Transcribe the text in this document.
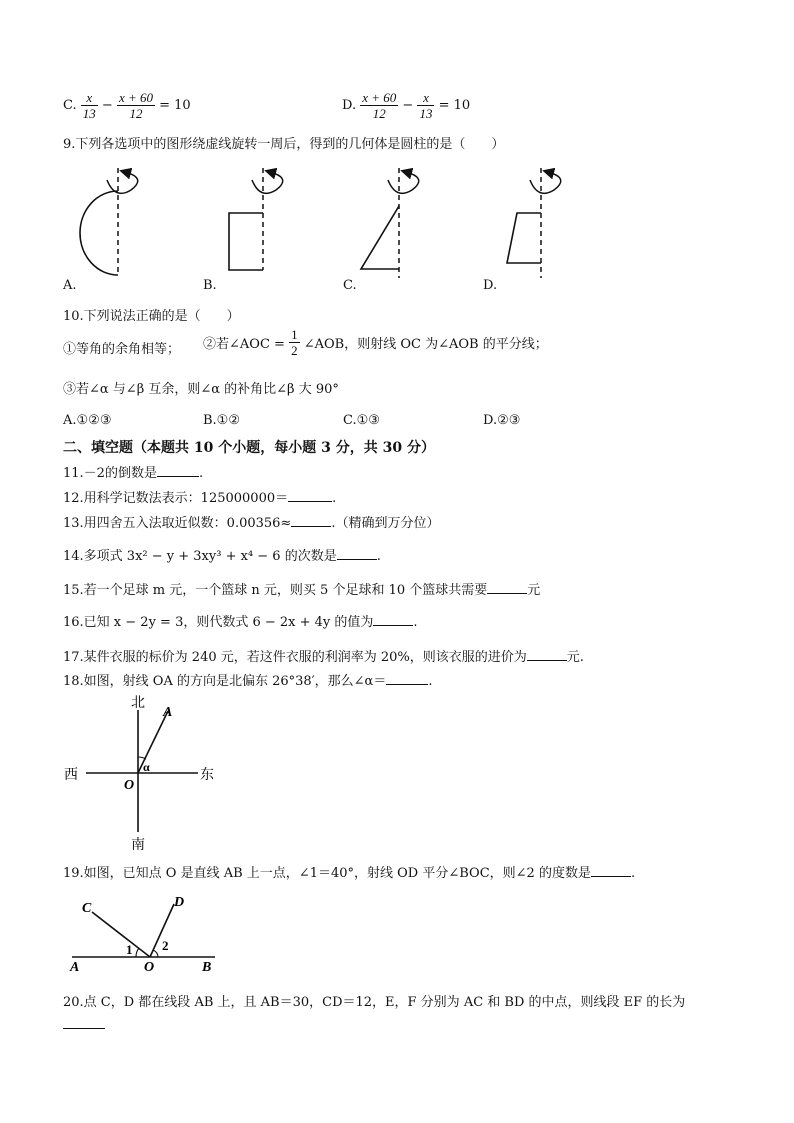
C. $\frac{x}{13} - \frac{x + 60}{12} = 10$	D. $\frac{x + 60}{12} - \frac{x}{13} = 10$
9.下列各选项中的图形绕虚线旋转一周后，得到的几何体是圆柱的是（　　）
A.	B.	C.	D.
10.下列说法正确的是（　　）
①等角的余角相等； ②若∠AOC = $\frac{1}{2}$ ∠AOB，则射线 OC 为∠AOB 的平分线；
③若∠α 与∠β 互余，则∠α 的补角比∠β 大 90°
A.①②③	B.①②	C.①③	D.②③
二、填空题（本题共 10 个小题，每小题 3 分，共 30 分）
11.－2的倒数是	.
12.用科学记数法表示：125000000＝	.
13.用四舍五入法取近似数：0.00356≈	.（精确到万分位）
14.多项式 3x² − y + 3xy³ + x⁴ − 6 的次数是	.
15.若一个足球 m 元，一个篮球 n 元，则买 5 个足球和 10 个篮球共需要	元
16.已知 x − 2y = 3，则代数式 6 − 2x + 4y 的值为	.
17.某件衣服的标价为 240 元，若这件衣服的利润率为 20%，则该衣服的进价为	元.
18.如图，射线 OA 的方向是北偏东 26°38′，那么∠α＝	.
北
南
西	东
O
A
α
19.如图，已知点 O 是直线 AB 上一点，∠1＝40°，射线 OD 平分∠BOC，则∠2 的度数是	.
A	B
C	D
O
1 2
20.点 C，D 都在线段 AB 上，且 AB＝30，CD＝12，E，F 分别为 AC 和 BD 的中点，则线段 EF 的长为
